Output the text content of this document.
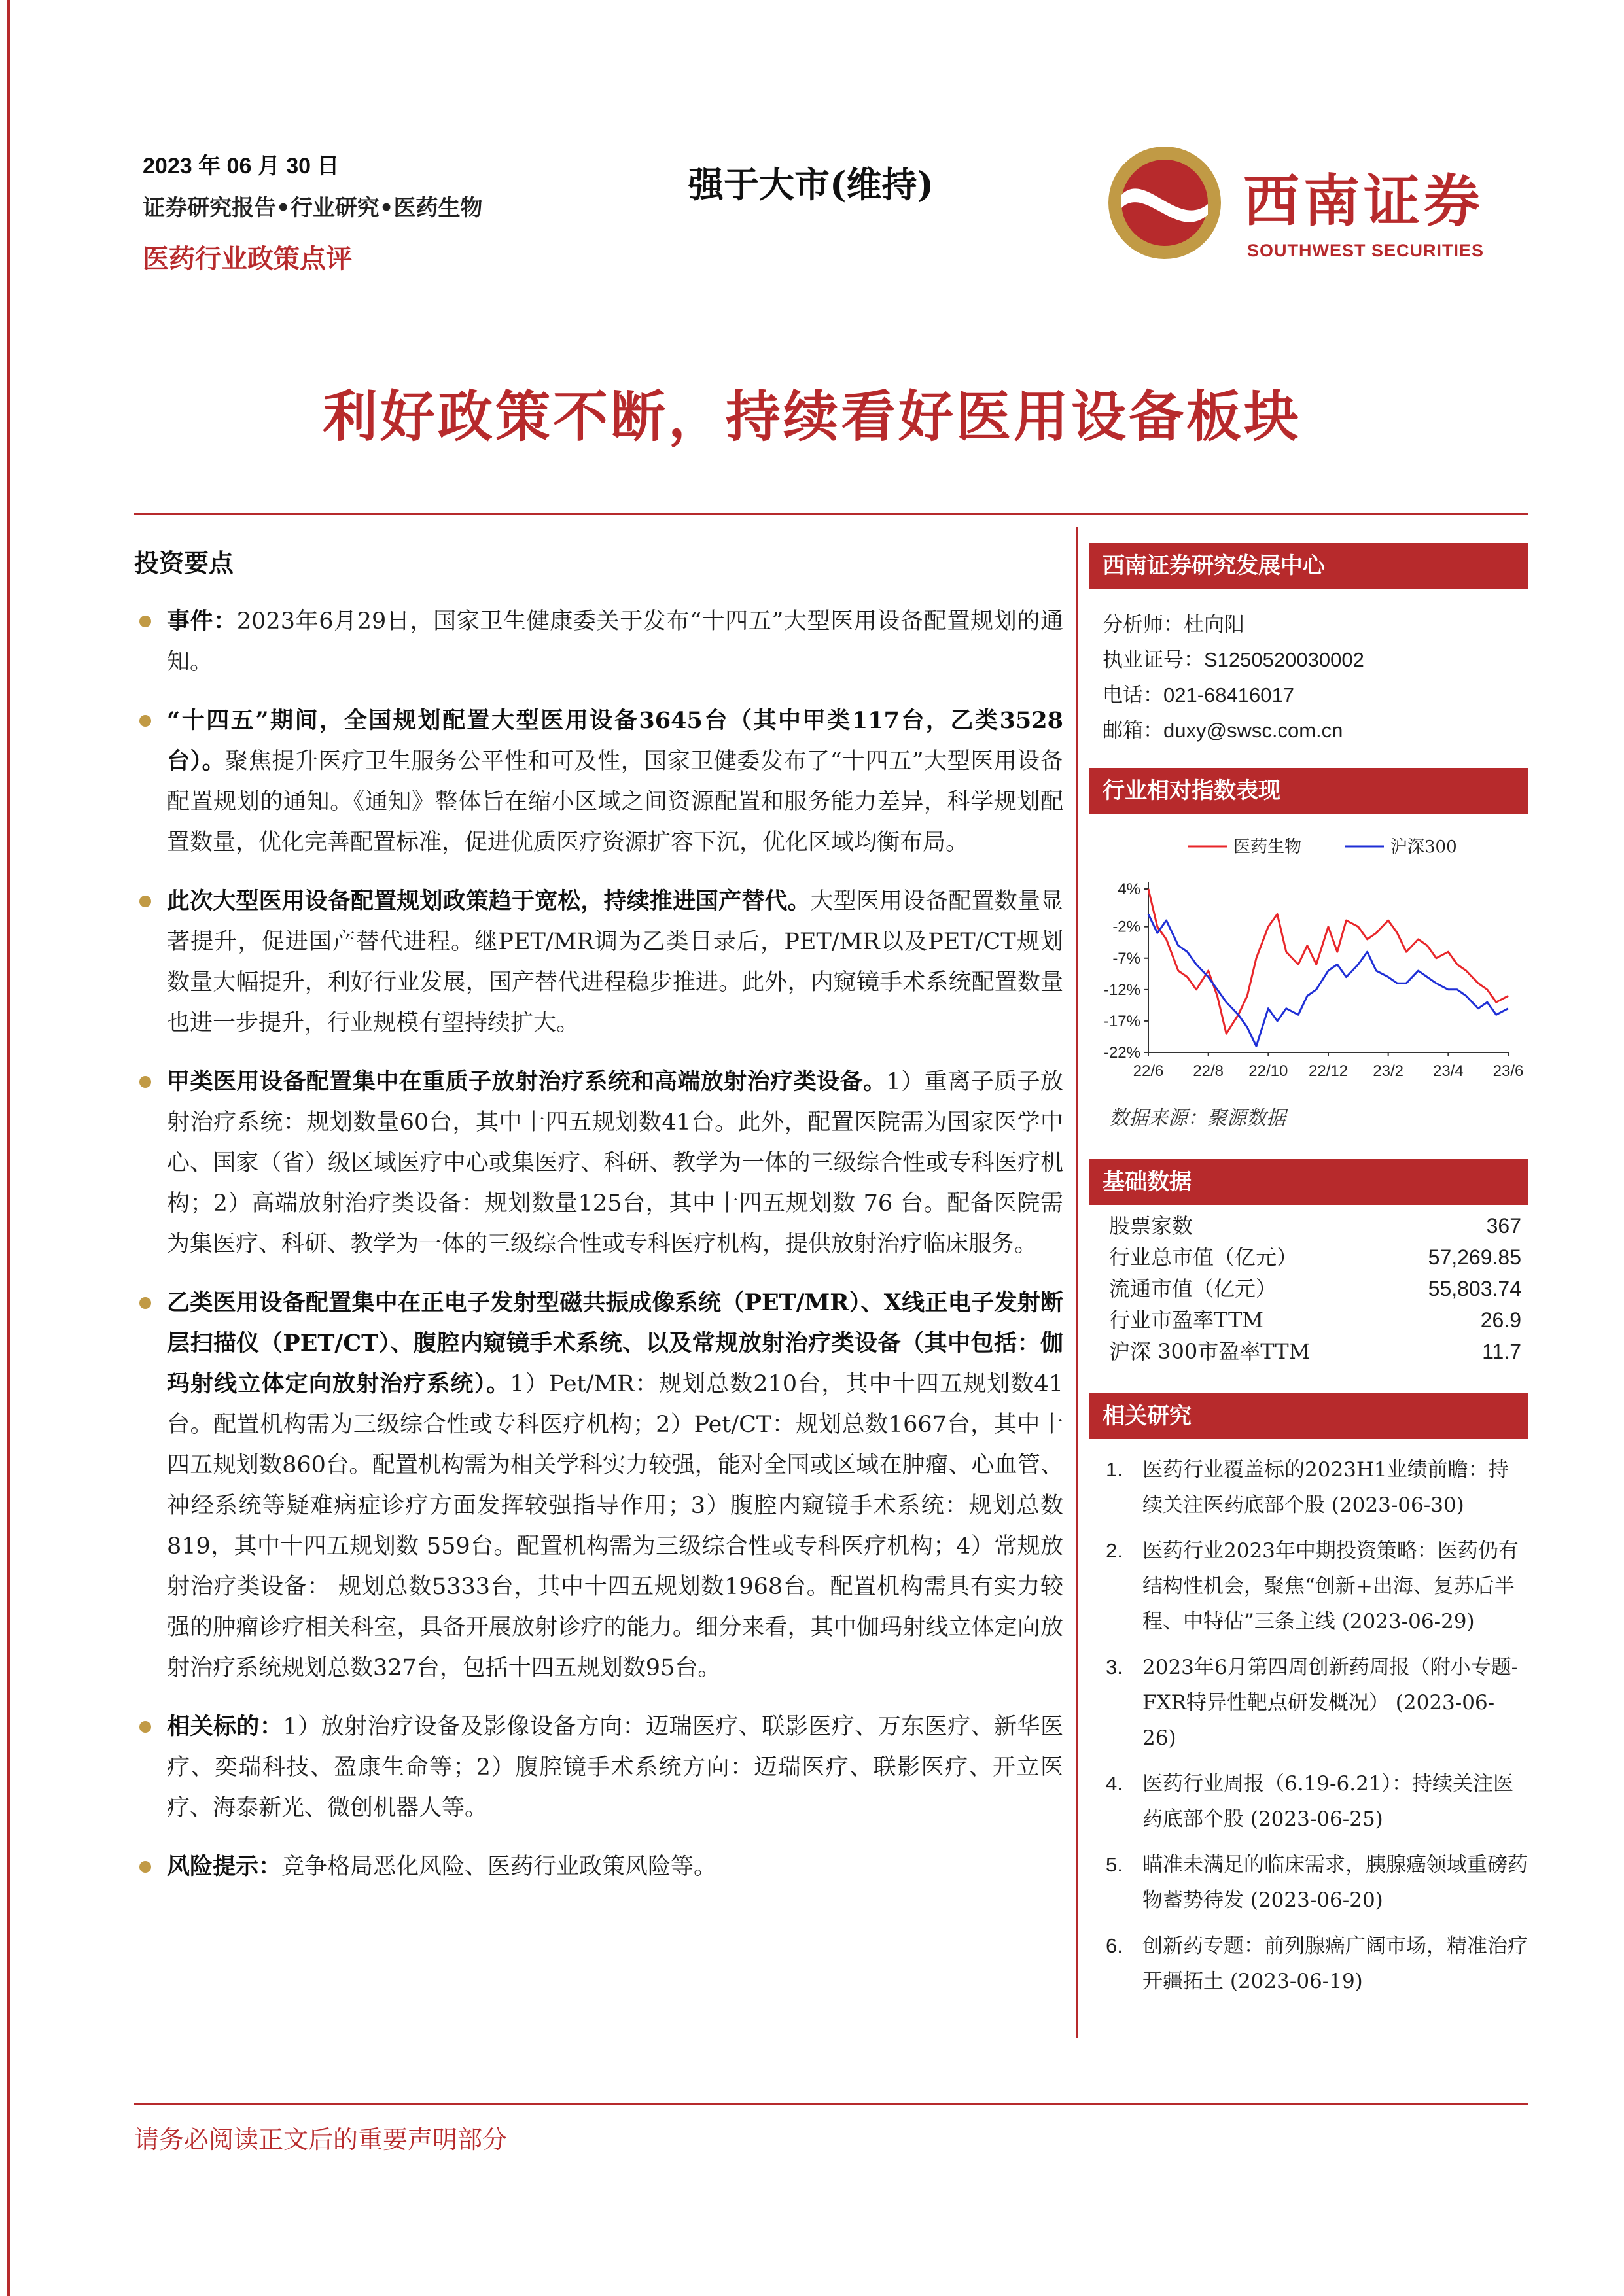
2023 年 06 月 30 日
证券研究报告•行业研究•医药生物
医药行业政策点评
强于大市(维持)	西南证券
SOUTHWEST SECURITIES
利好政策不断，持续看好医用设备板块
投资要点
事件：2023年6月29日，国家卫生健康委关于发布“十四五”大型医用设备配置规划的通知。
“十四五”期间，全国规划配置大型医用设备3645台（其中甲类117台，乙类3528台）。聚焦提升医疗卫生服务公平性和可及性，国家卫健委发布了“十四五”大型医用设备配置规划的通知。《通知》整体旨在缩小区域之间资源配置和服务能力差异，科学规划配置数量，优化完善配置标准，促进优质医疗资源扩容下沉，优化区域均衡布局。
此次大型医用设备配置规划政策趋于宽松，持续推进国产替代。大型医用设备配置数量显著提升，促进国产替代进程。继PET/MR调为乙类目录后，PET/MR以及PET/CT规划数量大幅提升，利好行业发展，国产替代进程稳步推进。此外，内窥镜手术系统配置数量也进一步提升，行业规模有望持续扩大。
甲类医用设备配置集中在重质子放射治疗系统和高端放射治疗类设备。1）重离子质子放射治疗系统：规划数量60台，其中十四五规划数41台。此外，配置医院需为国家医学中心、国家（省）级区域医疗中心或集医疗、科研、教学为一体的三级综合性或专科医疗机构；2）高端放射治疗类设备：规划数量125台，其中十四五规划数 76 台。配备医院需为集医疗、科研、教学为一体的三级综合性或专科医疗机构，提供放射治疗临床服务。
乙类医用设备配置集中在正电子发射型磁共振成像系统（PET/MR）、X线正电子发射断层扫描仪（PET/CT）、腹腔内窥镜手术系统、以及常规放射治疗类设备（其中包括：伽玛射线立体定向放射治疗系统）。1）Pet/MR：规划总数210台，其中十四五规划数41台。配置机构需为三级综合性或专科医疗机构；2）Pet/CT：规划总数1667台，其中十四五规划数860台。配置机构需为相关学科实力较强，能对全国或区域在肿瘤、心血管、神经系统等疑难病症诊疗方面发挥较强指导作用；3）腹腔内窥镜手术系统：规划总数819，其中十四五规划数 559台。配置机构需为三级综合性或专科医疗机构；4）常规放射治疗类设备： 规划总数5333台，其中十四五规划数1968台。配置机构需具有实力较强的肿瘤诊疗相关科室，具备开展放射诊疗的能力。细分来看，其中伽玛射线立体定向放射治疗系统规划总数327台，包括十四五规划数95台。
相关标的：1）放射治疗设备及影像设备方向：迈瑞医疗、联影医疗、万东医疗、新华医疗、奕瑞科技、盈康生命等；2）腹腔镜手术系统方向：迈瑞医疗、联影医疗、开立医疗、海泰新光、微创机器人等。
风险提示：竞争格局恶化风险、医药行业政策风险等。
西南证券研究发展中心
分析师：杜向阳
执业证号：S1250520030002
电话：021-68416017
邮箱：duxy@swsc.com.cn
行业相对指数表现
4%
-2%
-7%
-12%
-17%
-22%
22/6 22/8 22/10 22/12 23/2 23/4 23/6
医药生物	沪深300
数据来源：聚源数据
基础数据
股票家数	367
行业总市值（亿元）	57,269.85
流通市值（亿元）	55,803.74
行业市盈率TTM	26.9
沪深 300市盈率TTM	11.7
相关研究
1. 医药行业覆盖标的2023H1业绩前瞻：持续关注医药底部个股 (2023-06-30)
2. 医药行业2023年中期投资策略：医药仍有结构性机会，聚焦“创新+出海、复苏后半程、中特估”三条主线 (2023-06-29)
3. 2023年6月第四周创新药周报（附小专题-FXR特异性靶点研发概况） (2023-06-26)
4. 医药行业周报（6.19-6.21）：持续关注医药底部个股 (2023-06-25)
5. 瞄准未满足的临床需求，胰腺癌领域重磅药物蓄势待发 (2023-06-20)
6. 创新药专题：前列腺癌广阔市场，精准治疗开疆拓土 (2023-06-19)
请务必阅读正文后的重要声明部分
